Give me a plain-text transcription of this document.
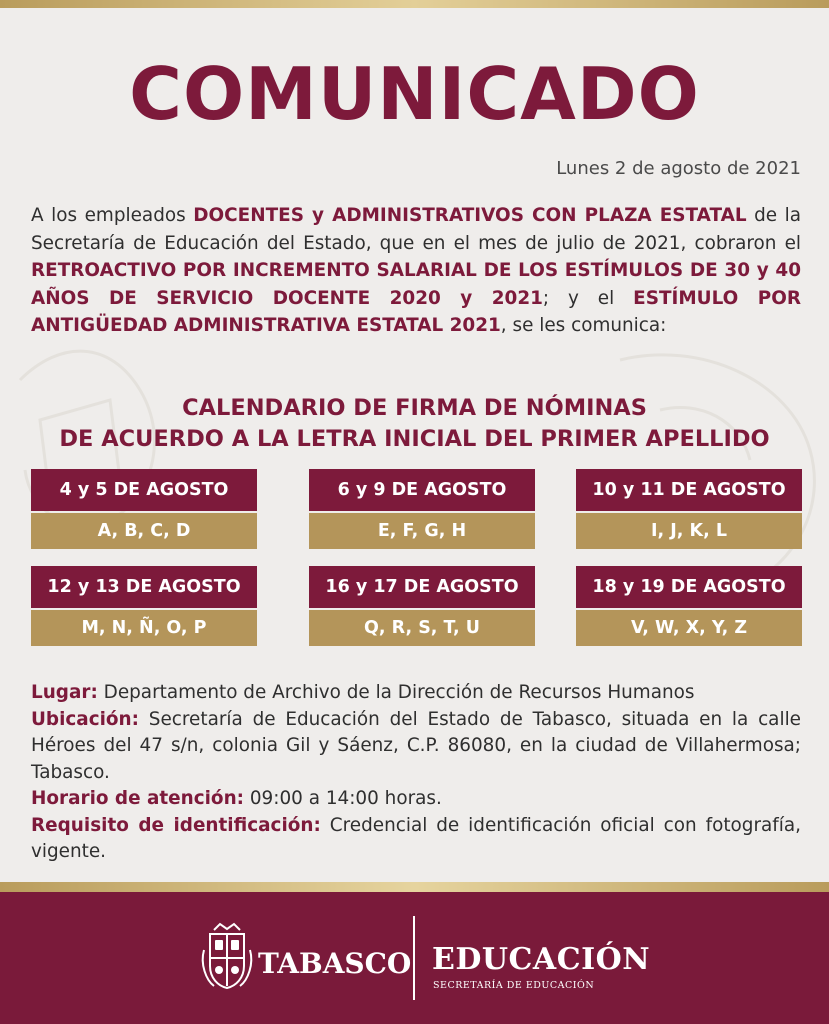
COMUNICADO
Lunes 2 de agosto de 2021
A los empleados DOCENTES y ADMINISTRATIVOS CON PLAZA ESTATAL de la Secretaría de Educación del Estado, que en el mes de julio de 2021, cobraron el RETROACTIVO POR INCREMENTO SALARIAL DE LOS ESTÍMULOS DE 30 y 40 AÑOS DE SERVICIO DOCENTE 2020 y 2021; y el ESTÍMULO POR ANTIGÜEDAD ADMINISTRATIVA ESTATAL 2021, se les comunica:
CALENDARIO DE FIRMA DE NÓMINAS
DE ACUERDO A LA LETRA INICIAL DEL PRIMER APELLIDO
4 y 5 DE AGOSTO
A, B, C, D
6 y 9 DE AGOSTO
E, F, G, H
10 y 11 DE AGOSTO
I, J, K, L
12 y 13 DE AGOSTO
M, N, Ñ, O, P
16 y 17 DE AGOSTO
Q, R, S, T, U
18 y 19 DE AGOSTO
V, W, X, Y, Z

Lugar: Departamento de Archivo de la Dirección de Recursos Humanos

Ubicación: Secretaría de Educación del Estado de Tabasco, situada en la calle Héroes del 47 s/n, colonia Gil y Sáenz, C.P. 86080, en la ciudad de Villahermosa; Tabasco.

Horario de atención: 09:00 a 14:00 horas.

Requisito de identificación: Credencial de identificación oficial con fotografía, vigente.

TABASCO EDUCACIÓN
SECRETARÍA DE EDUCACIÓN
